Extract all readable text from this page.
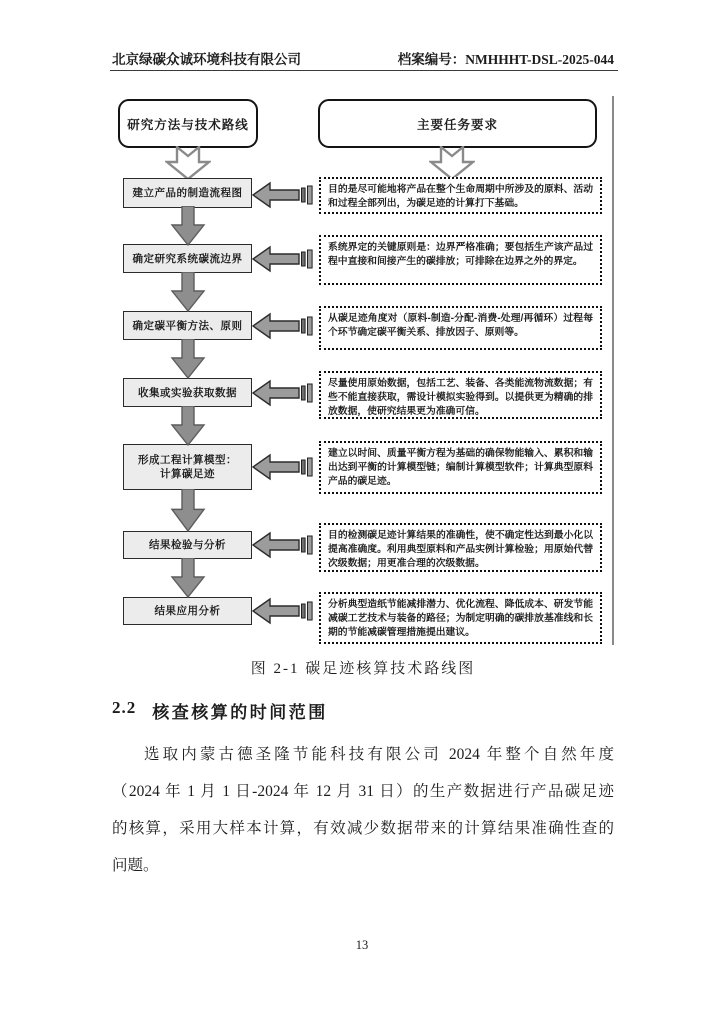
北京绿碳众诚环境科技有限公司	档案编号：NMHHHT-DSL-2025-044
研究方法与技术路线	主要任务要求
建立产品的制造流程图
确定研究系统碳流边界
确定碳平衡方法、原则
收集或实验获取数据
形成工程计算模型：
计算碳足迹
结果检验与分析
结果应用分析
目的是尽可能地将产品在整个生命周期中所涉及的原料、活动和过程全部列出，为碳足迹的计算打下基础。
系统界定的关键原则是：边界严格准确；要包括生产该产品过程中直接和间接产生的碳排放；可排除在边界之外的界定。
从碳足迹角度对（原料-制造-分配-消费-处理/再循环）过程每个环节确定碳平衡关系、排放因子、原则等。
尽量使用原始数据，包括工艺、装备、各类能流物流数据；有些不能直接获取，需设计模拟实验得到。以提供更为精确的排放数据，使研究结果更为准确可信。
建立以时间、质量平衡方程为基础的确保物能输入、累积和输出达到平衡的计算模型链；编制计算模型软件；计算典型原料产品的碳足迹。
目的检测碳足迹计算结果的准确性，使不确定性达到最小化以提高准确度。利用典型原料和产品实例计算检验；用原始代替次级数据；用更准合理的次级数据。
分析典型造纸节能减排潜力、优化流程、降低成本、研发节能减碳工艺技术与装备的路径；为制定明确的碳排放基准线和长期的节能减碳管理措施提出建议。
图 2-1 碳足迹核算技术路线图
2.2 核查核算的时间范围
选取内蒙古德圣隆节能科技有限公司 2024 年整个自然年度
（2024 年 1 月 1 日-2024 年 12 月 31 日）的生产数据进行产品碳足迹
的核算，采用大样本计算，有效减少数据带来的计算结果准确性查的
问题。
13
